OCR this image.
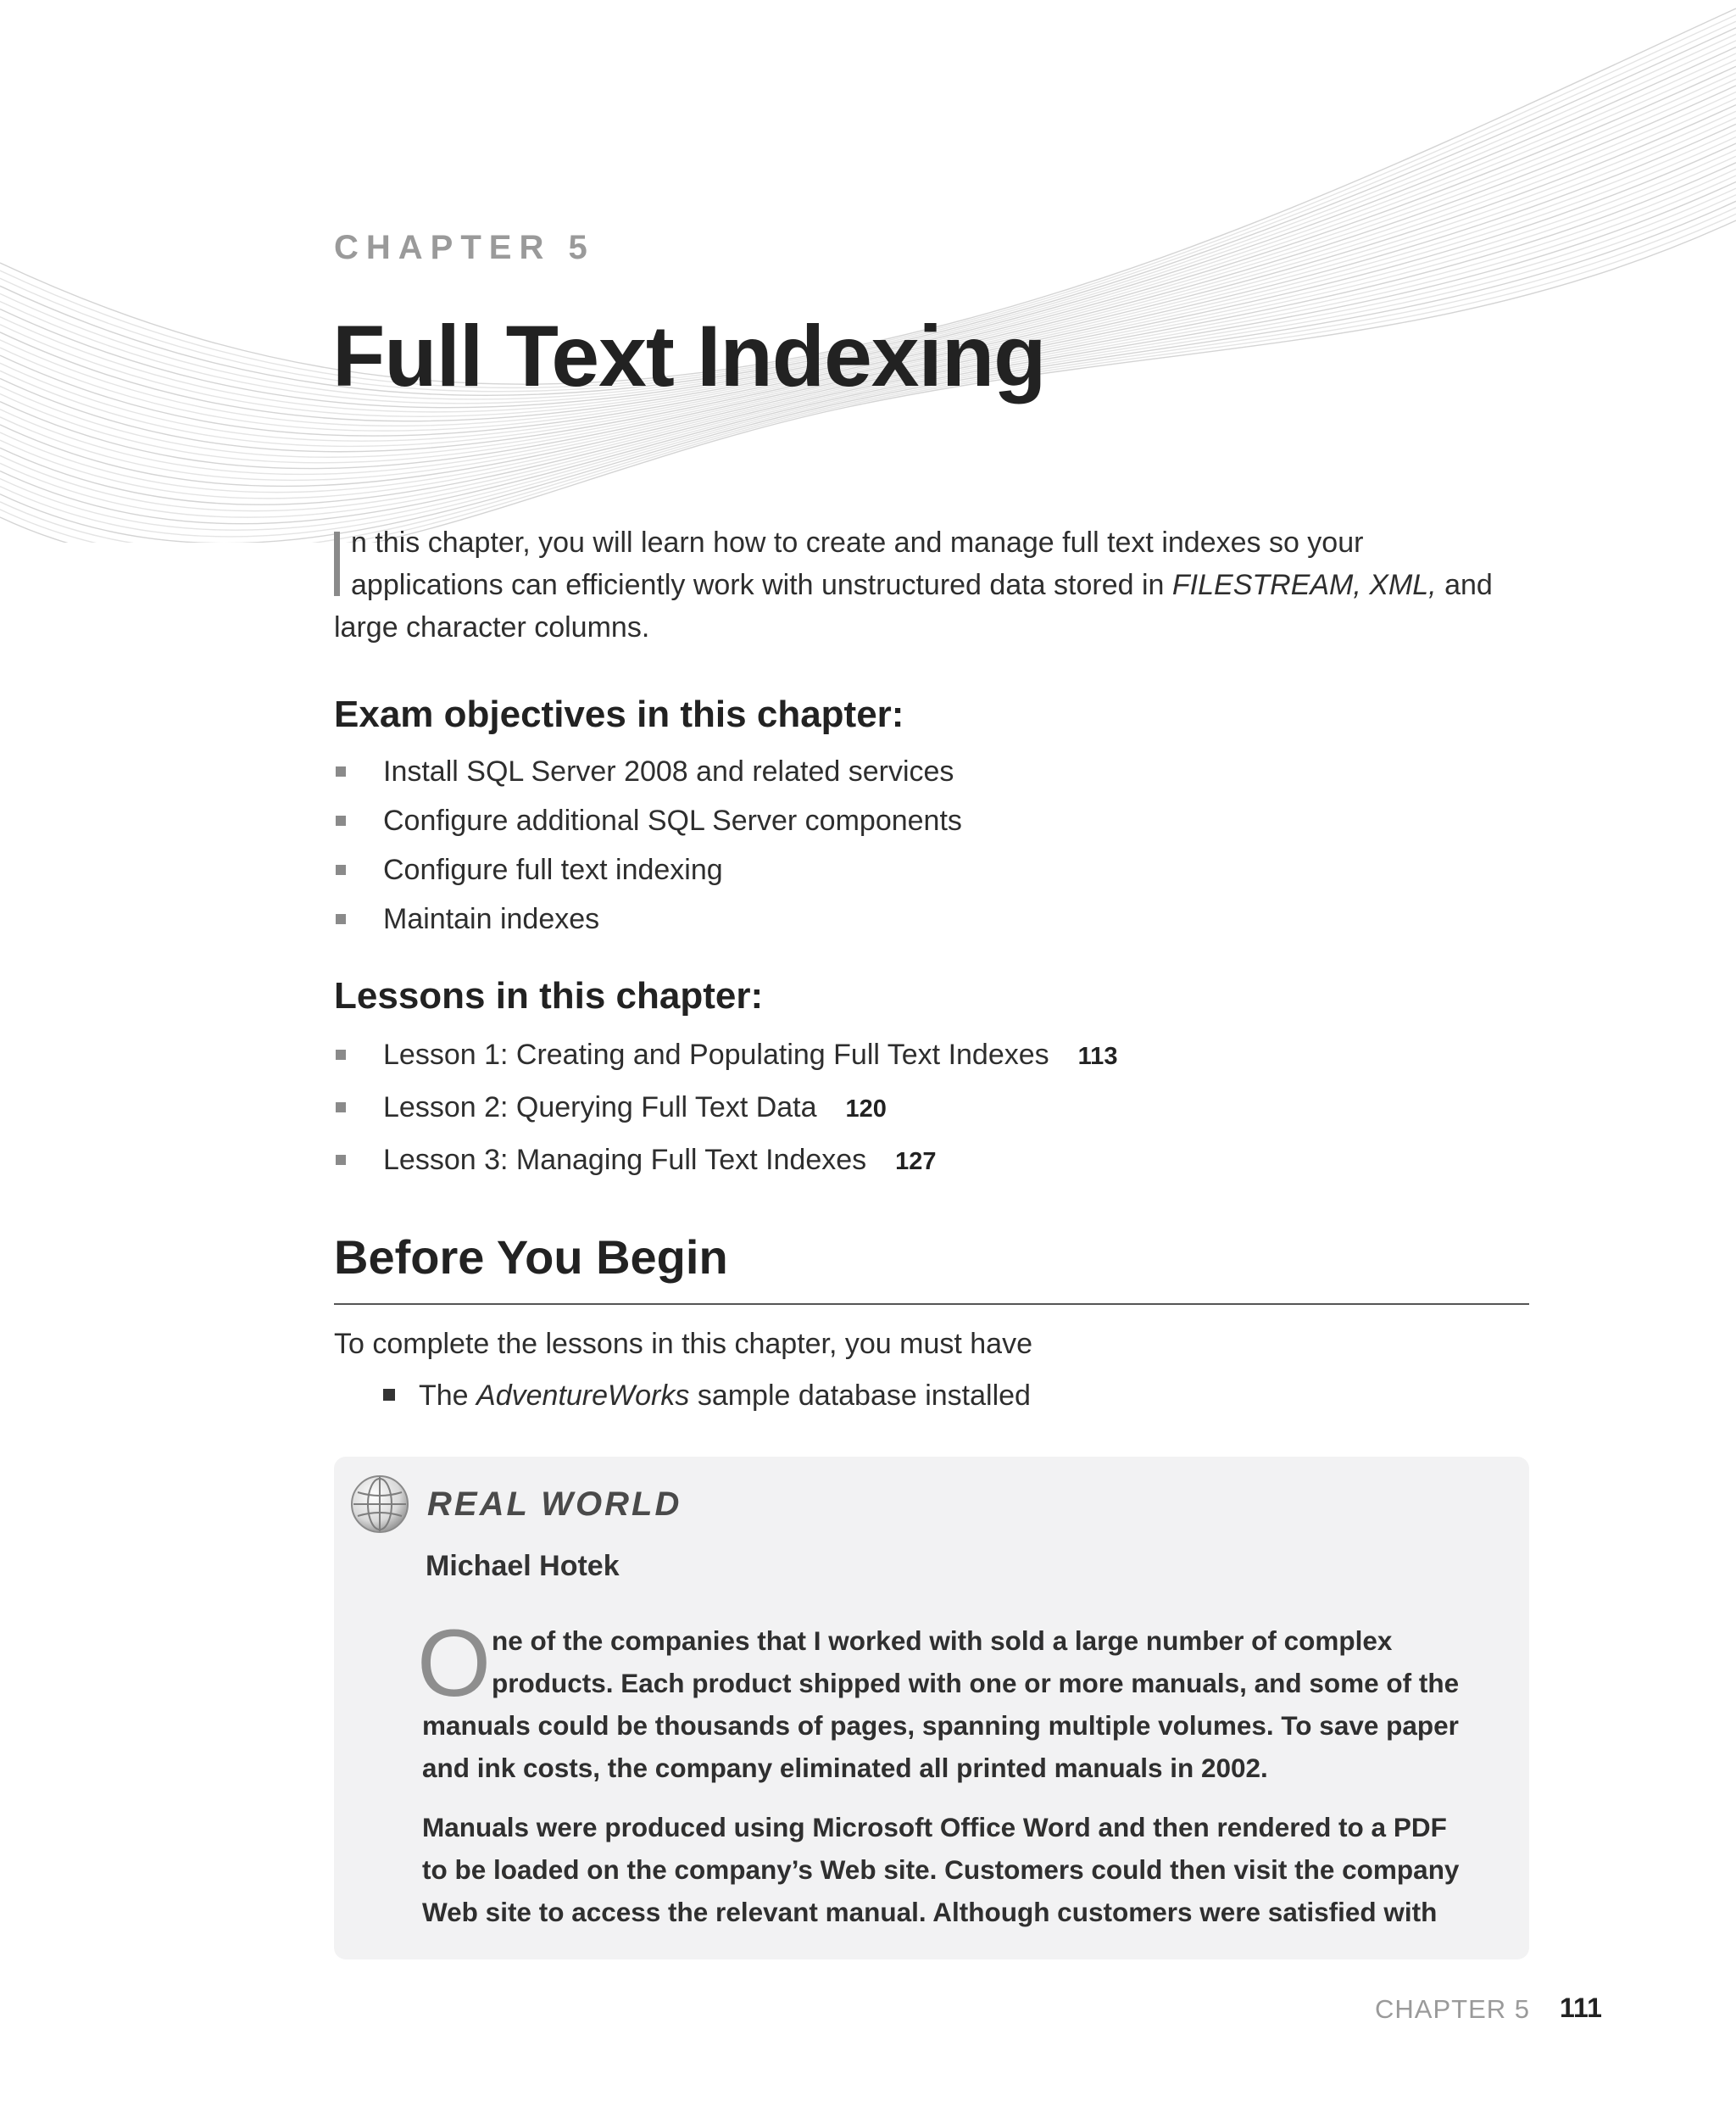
CHAPTER 5
Full Text Indexing
n this chapter, you will learn how to create and manage full text indexes so your
applications can efficiently work with unstructured data stored in FILESTREAM, XML, and
large character columns.
Exam objectives in this chapter:
Install SQL Server 2008 and related services
Configure additional SQL Server components
Configure full text indexing
Maintain indexes
Lessons in this chapter:
Lesson 1: Creating and Populating Full Text Indexes 113
Lesson 2: Querying Full Text Data 120
Lesson 3: Managing Full Text Indexes 127
Before You Begin
To complete the lessons in this chapter, you must have
The AdventureWorks sample database installed
REAL WORLD
Michael Hotek
O ne of the companies that I worked with sold a large number of complex
products. Each product shipped with one or more manuals, and some of the
manuals could be thousands of pages, spanning multiple volumes. To save paper
and ink costs, the company eliminated all printed manuals in 2002.
Manuals were produced using Microsoft Office Word and then rendered to a PDF
to be loaded on the company’s Web site. Customers could then visit the company
Web site to access the relevant manual. Although customers were satisfied with
CHAPTER 5 111
